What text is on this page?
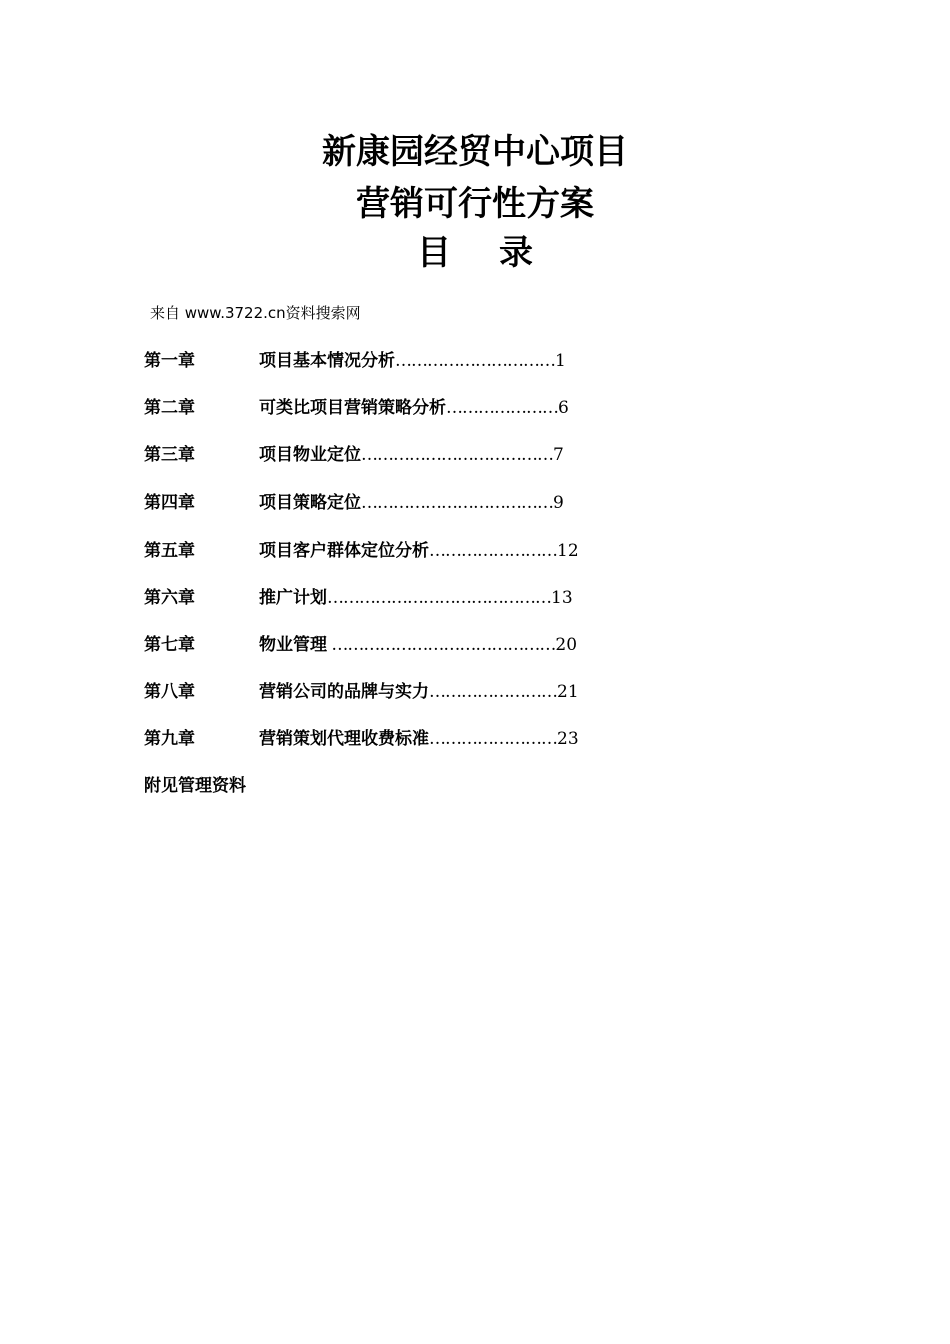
新康园经贸中心项目
营销可行性方案
目 录
来自 www.3722.cn资料搜索网
第一章	项目基本情况分析…………………………1
第二章	可类比项目营销策略分析…………………6
第三章	项目物业定位………………………………7
第四章	项目策略定位………………………………9
第五章	项目客户群体定位分析……………………12
第六章	推广计划……………………………………13
第七章	物业管理 ……………………………………20
第八章	营销公司的品牌与实力……………………21
第九章	营销策划代理收费标准……………………23
附见管理资料
